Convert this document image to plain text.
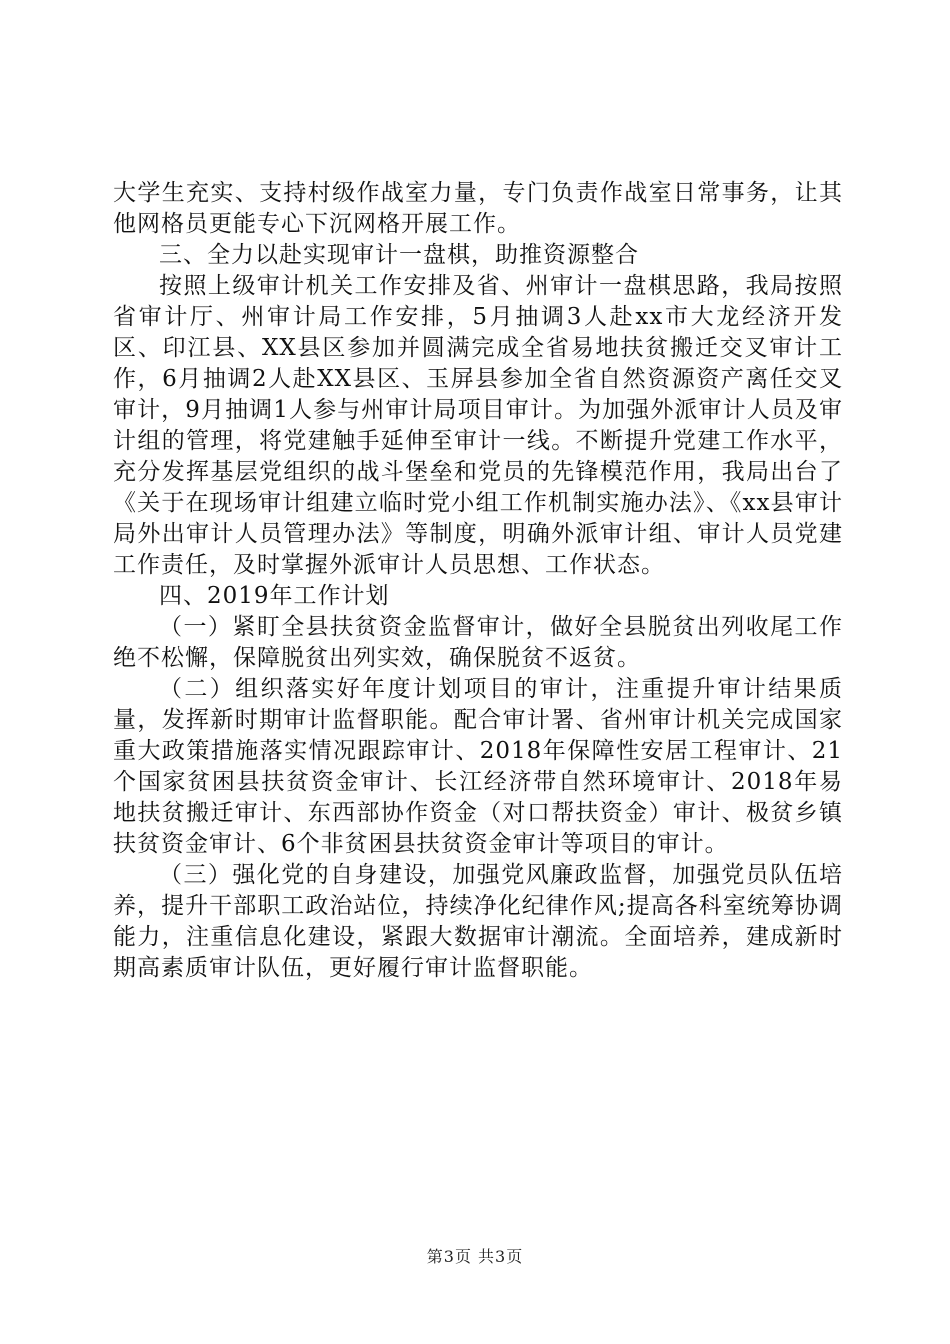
大学生充实、支持村级作战室力量，专门负责作战室日常事务，让其他网格员更能专心下沉网格开展工作。

三、全力以赴实现审计一盘棋，助推资源整合

按照上级审计机关工作安排及省、州审计一盘棋思路，我局按照省审计厅、州审计局工作安排，5月抽调3人赴xx市大龙经济开发区、印江县、XX县区参加并圆满完成全省易地扶贫搬迁交叉审计工作，6月抽调2人赴XX县区、玉屏县参加全省自然资源资产离任交叉审计，9月抽调1人参与州审计局项目审计。为加强外派审计人员及审计组的管理，将党建触手延伸至审计一线。不断提升党建工作水平，充分发挥基层党组织的战斗堡垒和党员的先锋模范作用，我局出台了《关于在现场审计组建立临时党小组工作机制实施办法》、《xx县审计局外出审计人员管理办法》等制度，明确外派审计组、审计人员党建工作责任，及时掌握外派审计人员思想、工作状态。

四、2019年工作计划

（一）紧盯全县扶贫资金监督审计，做好全县脱贫出列收尾工作绝不松懈，保障脱贫出列实效，确保脱贫不返贫。

（二）组织落实好年度计划项目的审计，注重提升审计结果质量，发挥新时期审计监督职能。配合审计署、省州审计机关完成国家重大政策措施落实情况跟踪审计、2018年保障性安居工程审计、21个国家贫困县扶贫资金审计、长江经济带自然环境审计、2018年易地扶贫搬迁审计、东西部协作资金（对口帮扶资金）审计、极贫乡镇扶贫资金审计、6个非贫困县扶贫资金审计等项目的审计。

（三）强化党的自身建设，加强党风廉政监督，加强党员队伍培养，提升干部职工政治站位，持续净化纪律作风;提高各科室统筹协调能力，注重信息化建设，紧跟大数据审计潮流。全面培养，建成新时期高素质审计队伍，更好履行审计监督职能。

第3页 共3页
